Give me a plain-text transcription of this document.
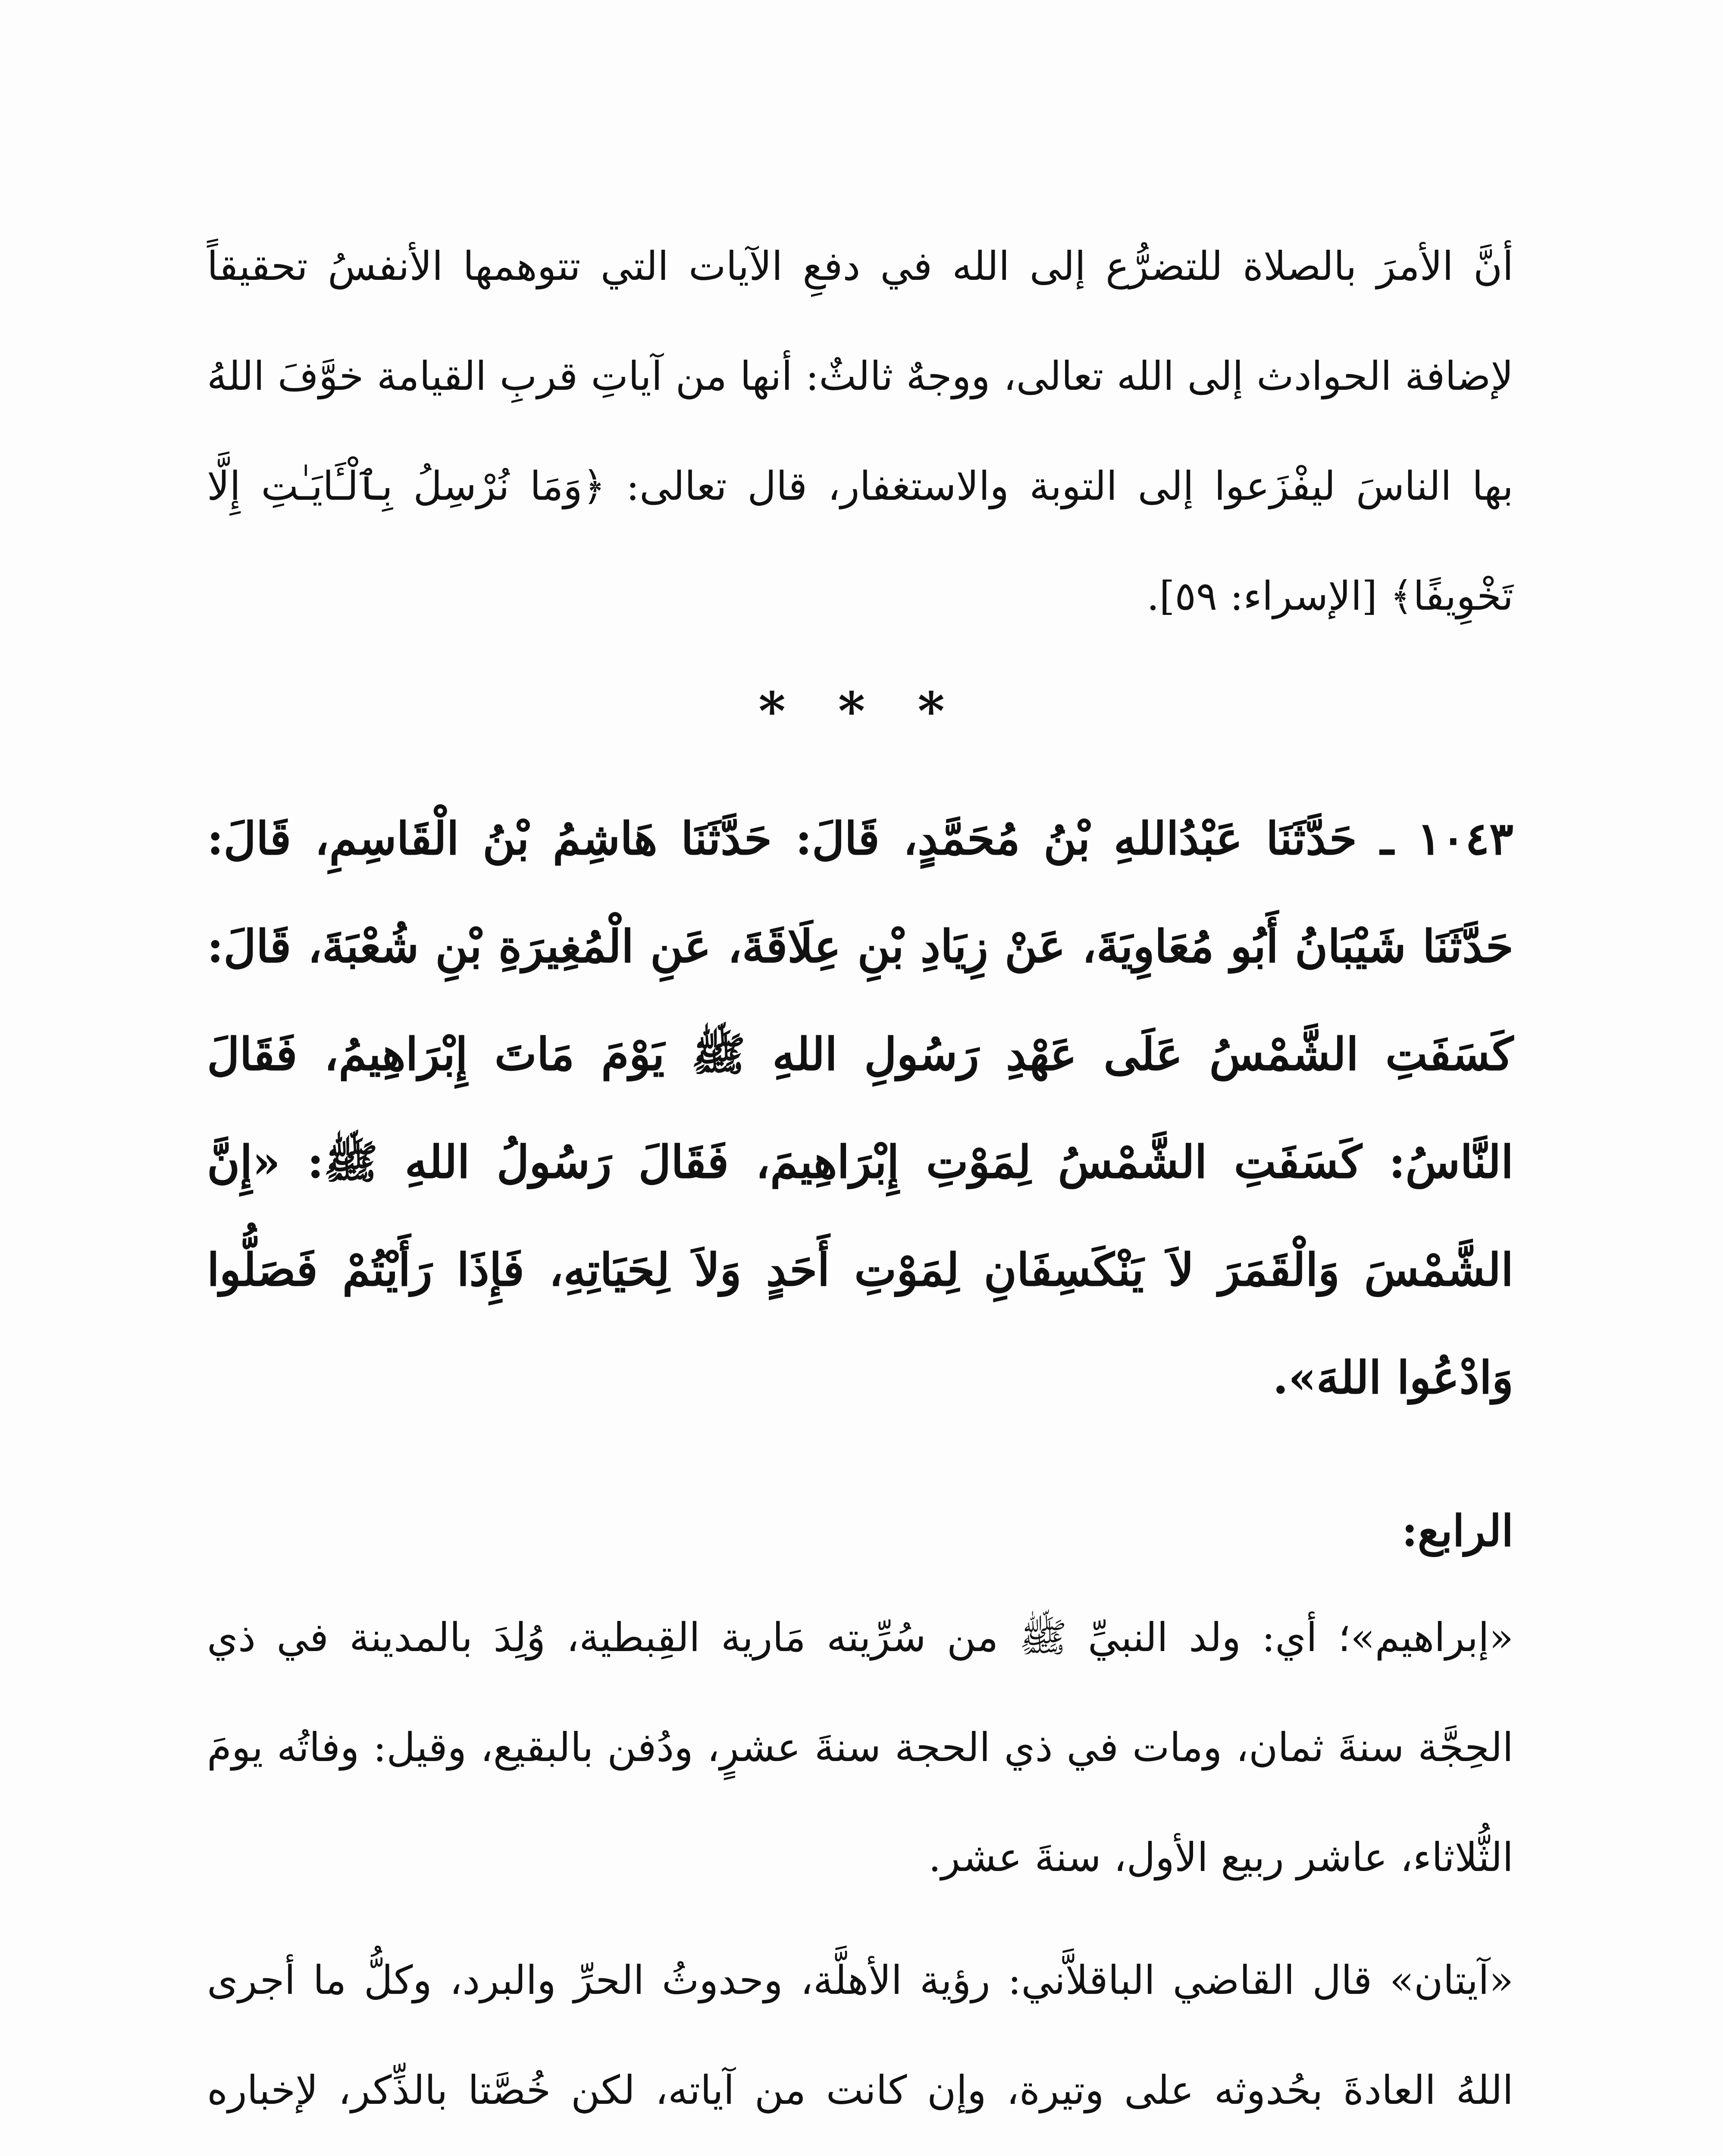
أنَّ الأمرَ بالصلاة للتضرُّع إلى الله في دفعِ الآيات التي تتوهمها الأنفسُ تحقيقاً لإضافة الحوادث إلى الله تعالى، ووجهٌ ثالثٌ: أنها من آياتِ قربِ القيامة خوَّفَ اللهُ بها الناسَ ليفْزَعوا إلى التوبة والاستغفار، قال تعالى: ﴿وَمَا نُرْسِلُ بِٱلْـَٔايَـٰتِ إِلَّا تَخْوِيفًا﴾ [الإسراء: ٥٩].

* * *

١٠٤٣ ـ حَدَّثَنَا عَبْدُاللهِ بْنُ مُحَمَّدٍ، قَالَ: حَدَّثَنَا هَاشِمُ بْنُ الْقَاسِمِ، قَالَ: حَدَّثَنَا شَيْبَانُ أَبُو مُعَاوِيَةَ، عَنْ زِيَادِ بْنِ عِلَاقَةَ، عَنِ الْمُغِيرَةِ بْنِ شُعْبَةَ، قَالَ: كَسَفَتِ الشَّمْسُ عَلَى عَهْدِ رَسُولِ اللهِ ﷺ يَوْمَ مَاتَ إِبْرَاهِيمُ، فَقَالَ النَّاسُ: كَسَفَتِ الشَّمْسُ لِمَوْتِ إِبْرَاهِيمَ، فَقَالَ رَسُولُ اللهِ ﷺ: «إِنَّ الشَّمْسَ وَالْقَمَرَ لاَ يَنْكَسِفَانِ لِمَوْتِ أَحَدٍ وَلاَ لِحَيَاتِهِ، فَإِذَا رَأَيْتُمْ فَصَلُّوا وَادْعُوا اللهَ».

الرابع:

«إبراهيم»؛ أي: ولد النبيِّ ﷺ من سُرِّيته مَارية القِبطية، وُلِدَ بالمدينة في ذي الحِجَّة سنةَ ثمان، ومات في ذي الحجة سنةَ عشرٍ، ودُفن بالبقيع، وقيل: وفاتُه يومَ الثُّلاثاء، عاشر ربيع الأول، سنةَ عشر.

«آيتان» قال القاضي الباقلاَّني: رؤية الأهلَّة، وحدوثُ الحرِّ والبرد، وكلُّ ما أجرى اللهُ العادةَ بحُدوثه على وتيرة، وإن كانت من آياته، لكن خُصَّتا بالذِّكر، لإخباره
